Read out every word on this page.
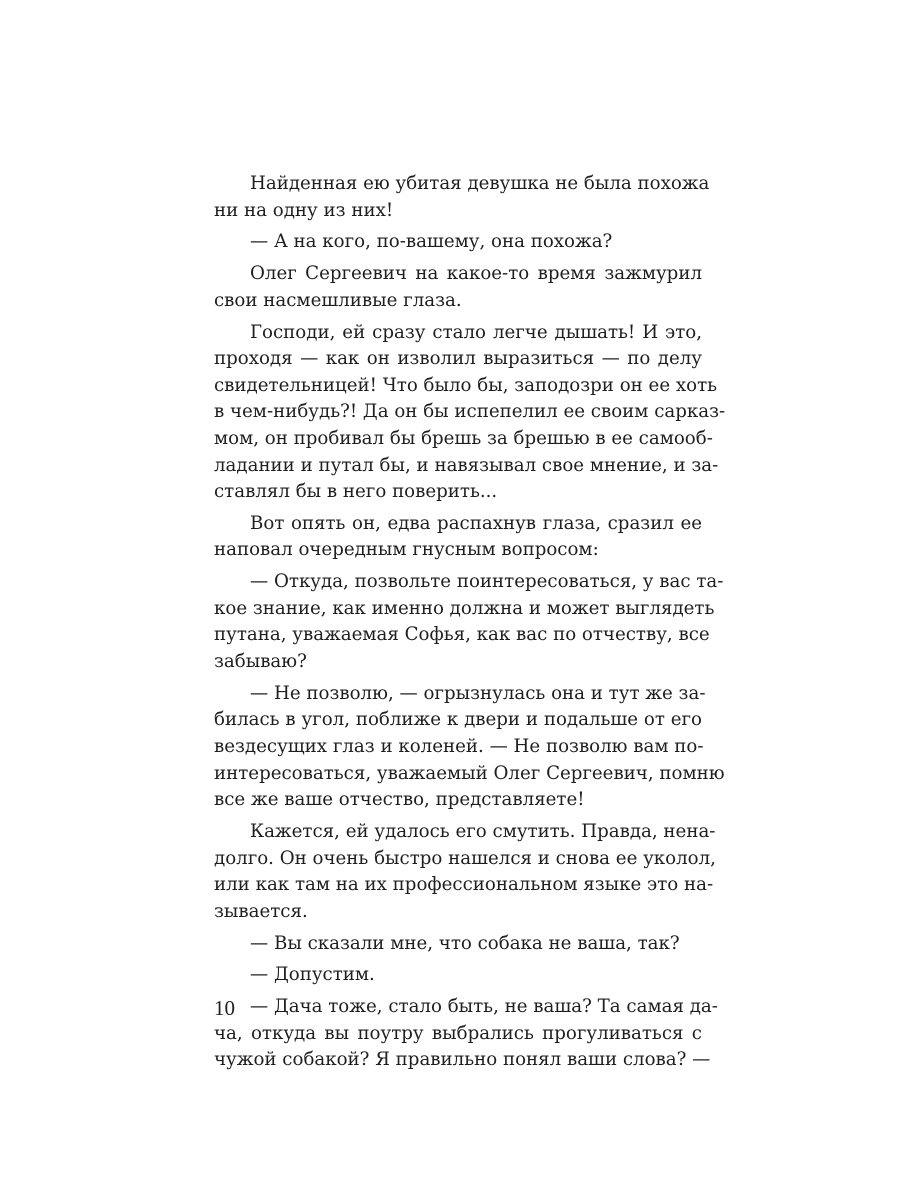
Найденная ею убитая девушка не была похожа
ни на одну из них!
— А на кого, по-вашему, она похожа?
Олег Сергеевич на какое-то время зажмурил
свои насмешливые глаза.
Господи, ей сразу стало легче дышать! И это,
проходя — как он изволил выразиться — по делу
свидетельницей! Что было бы, заподозри он ее хоть
в чем-нибудь?! Да он бы испепелил ее своим сарказ-
мом, он пробивал бы брешь за брешью в ее самооб-
ладании и путал бы, и навязывал свое мнение, и за-
ставлял бы в него поверить...
Вот опять он, едва распахнув глаза, сразил ее
наповал очередным гнусным вопросом:
— Откуда, позвольте поинтересоваться, у вас та-
кое знание, как именно должна и может выглядеть
путана, уважаемая Софья, как вас по отчеству, все
забываю?
— Не позволю, — огрызнулась она и тут же за-
билась в угол, поближе к двери и подальше от его
вездесущих глаз и коленей. — Не позволю вам по-
интересоваться, уважаемый Олег Сергеевич, помню
все же ваше отчество, представляете!
Кажется, ей удалось его смутить. Правда, нена-
долго. Он очень быстро нашелся и снова ее уколол,
или как там на их профессиональном языке это на-
зывается.
— Вы сказали мне, что собака не ваша, так?
— Допустим.
— Дача тоже, стало быть, не ваша? Та самая да-
ча, откуда вы поутру выбрались прогуливаться с
чужой собакой? Я правильно понял ваши слова? —
10
